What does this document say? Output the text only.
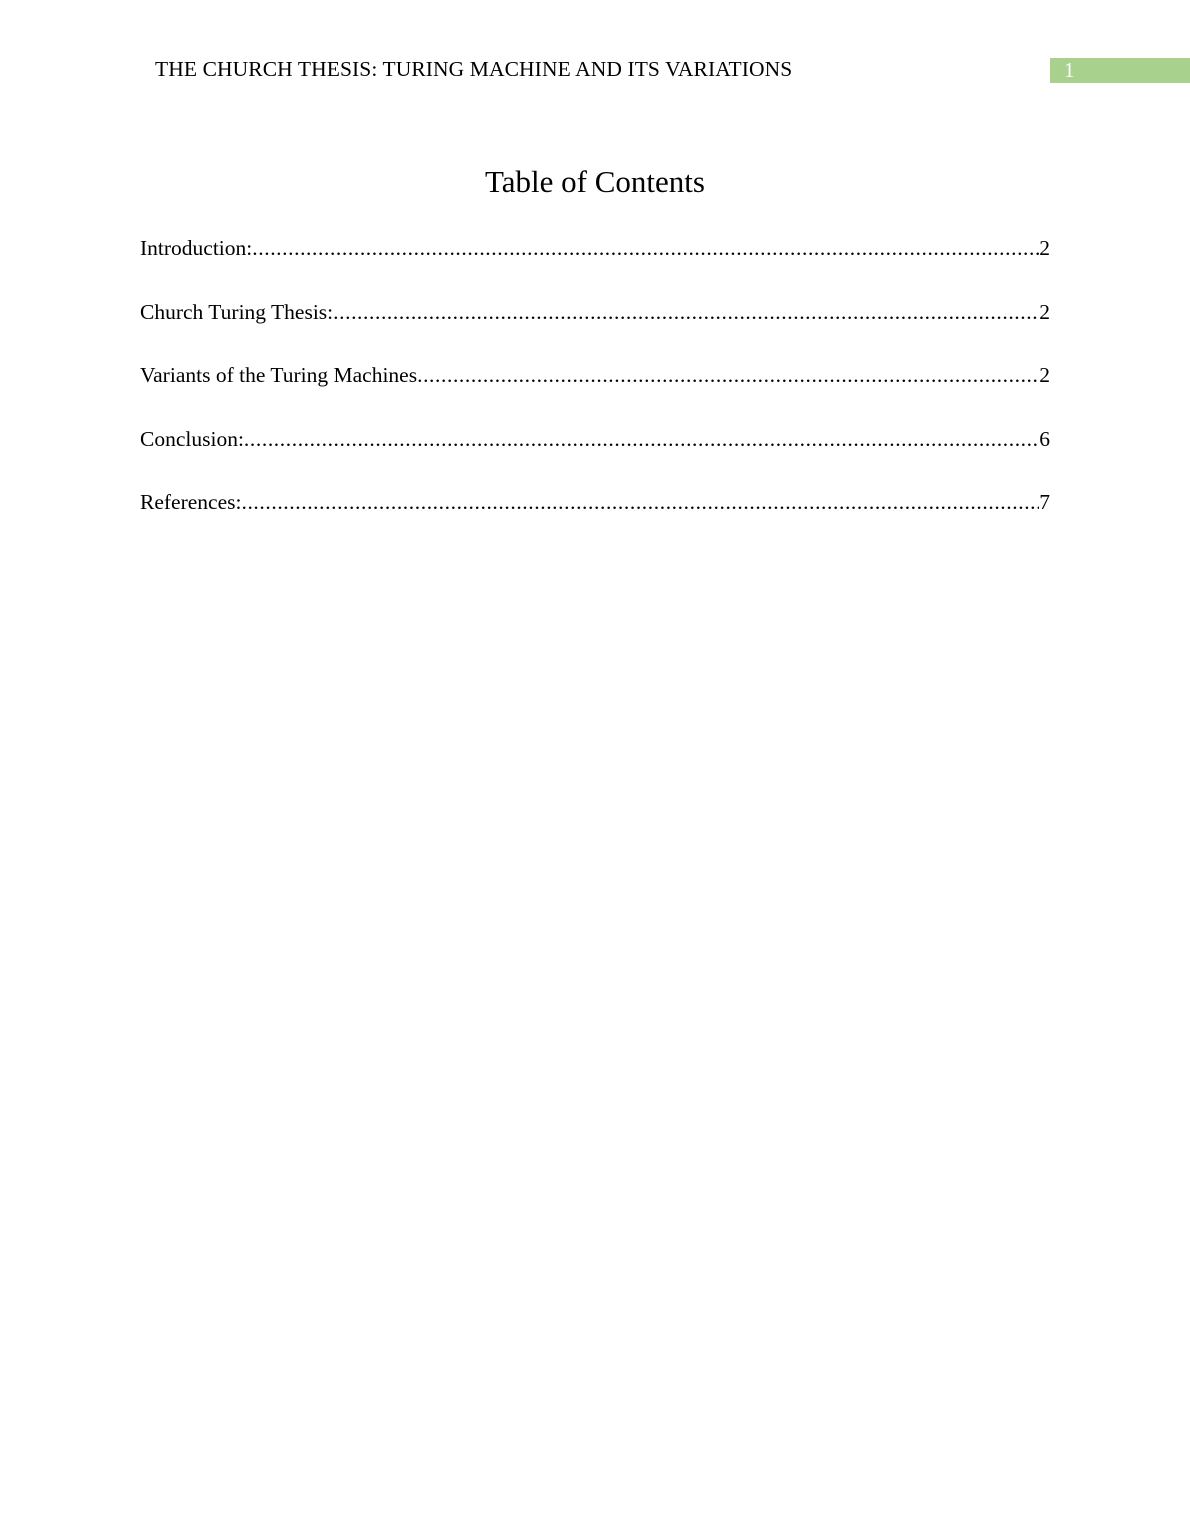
THE CHURCH THESIS: TURING MACHINE AND ITS VARIATIONS	1
Table of Contents
Introduction: .....	2
Church Turing Thesis: .....	2
Variants of the Turing Machines .....	2
Conclusion: .....	6
References: .....	7
